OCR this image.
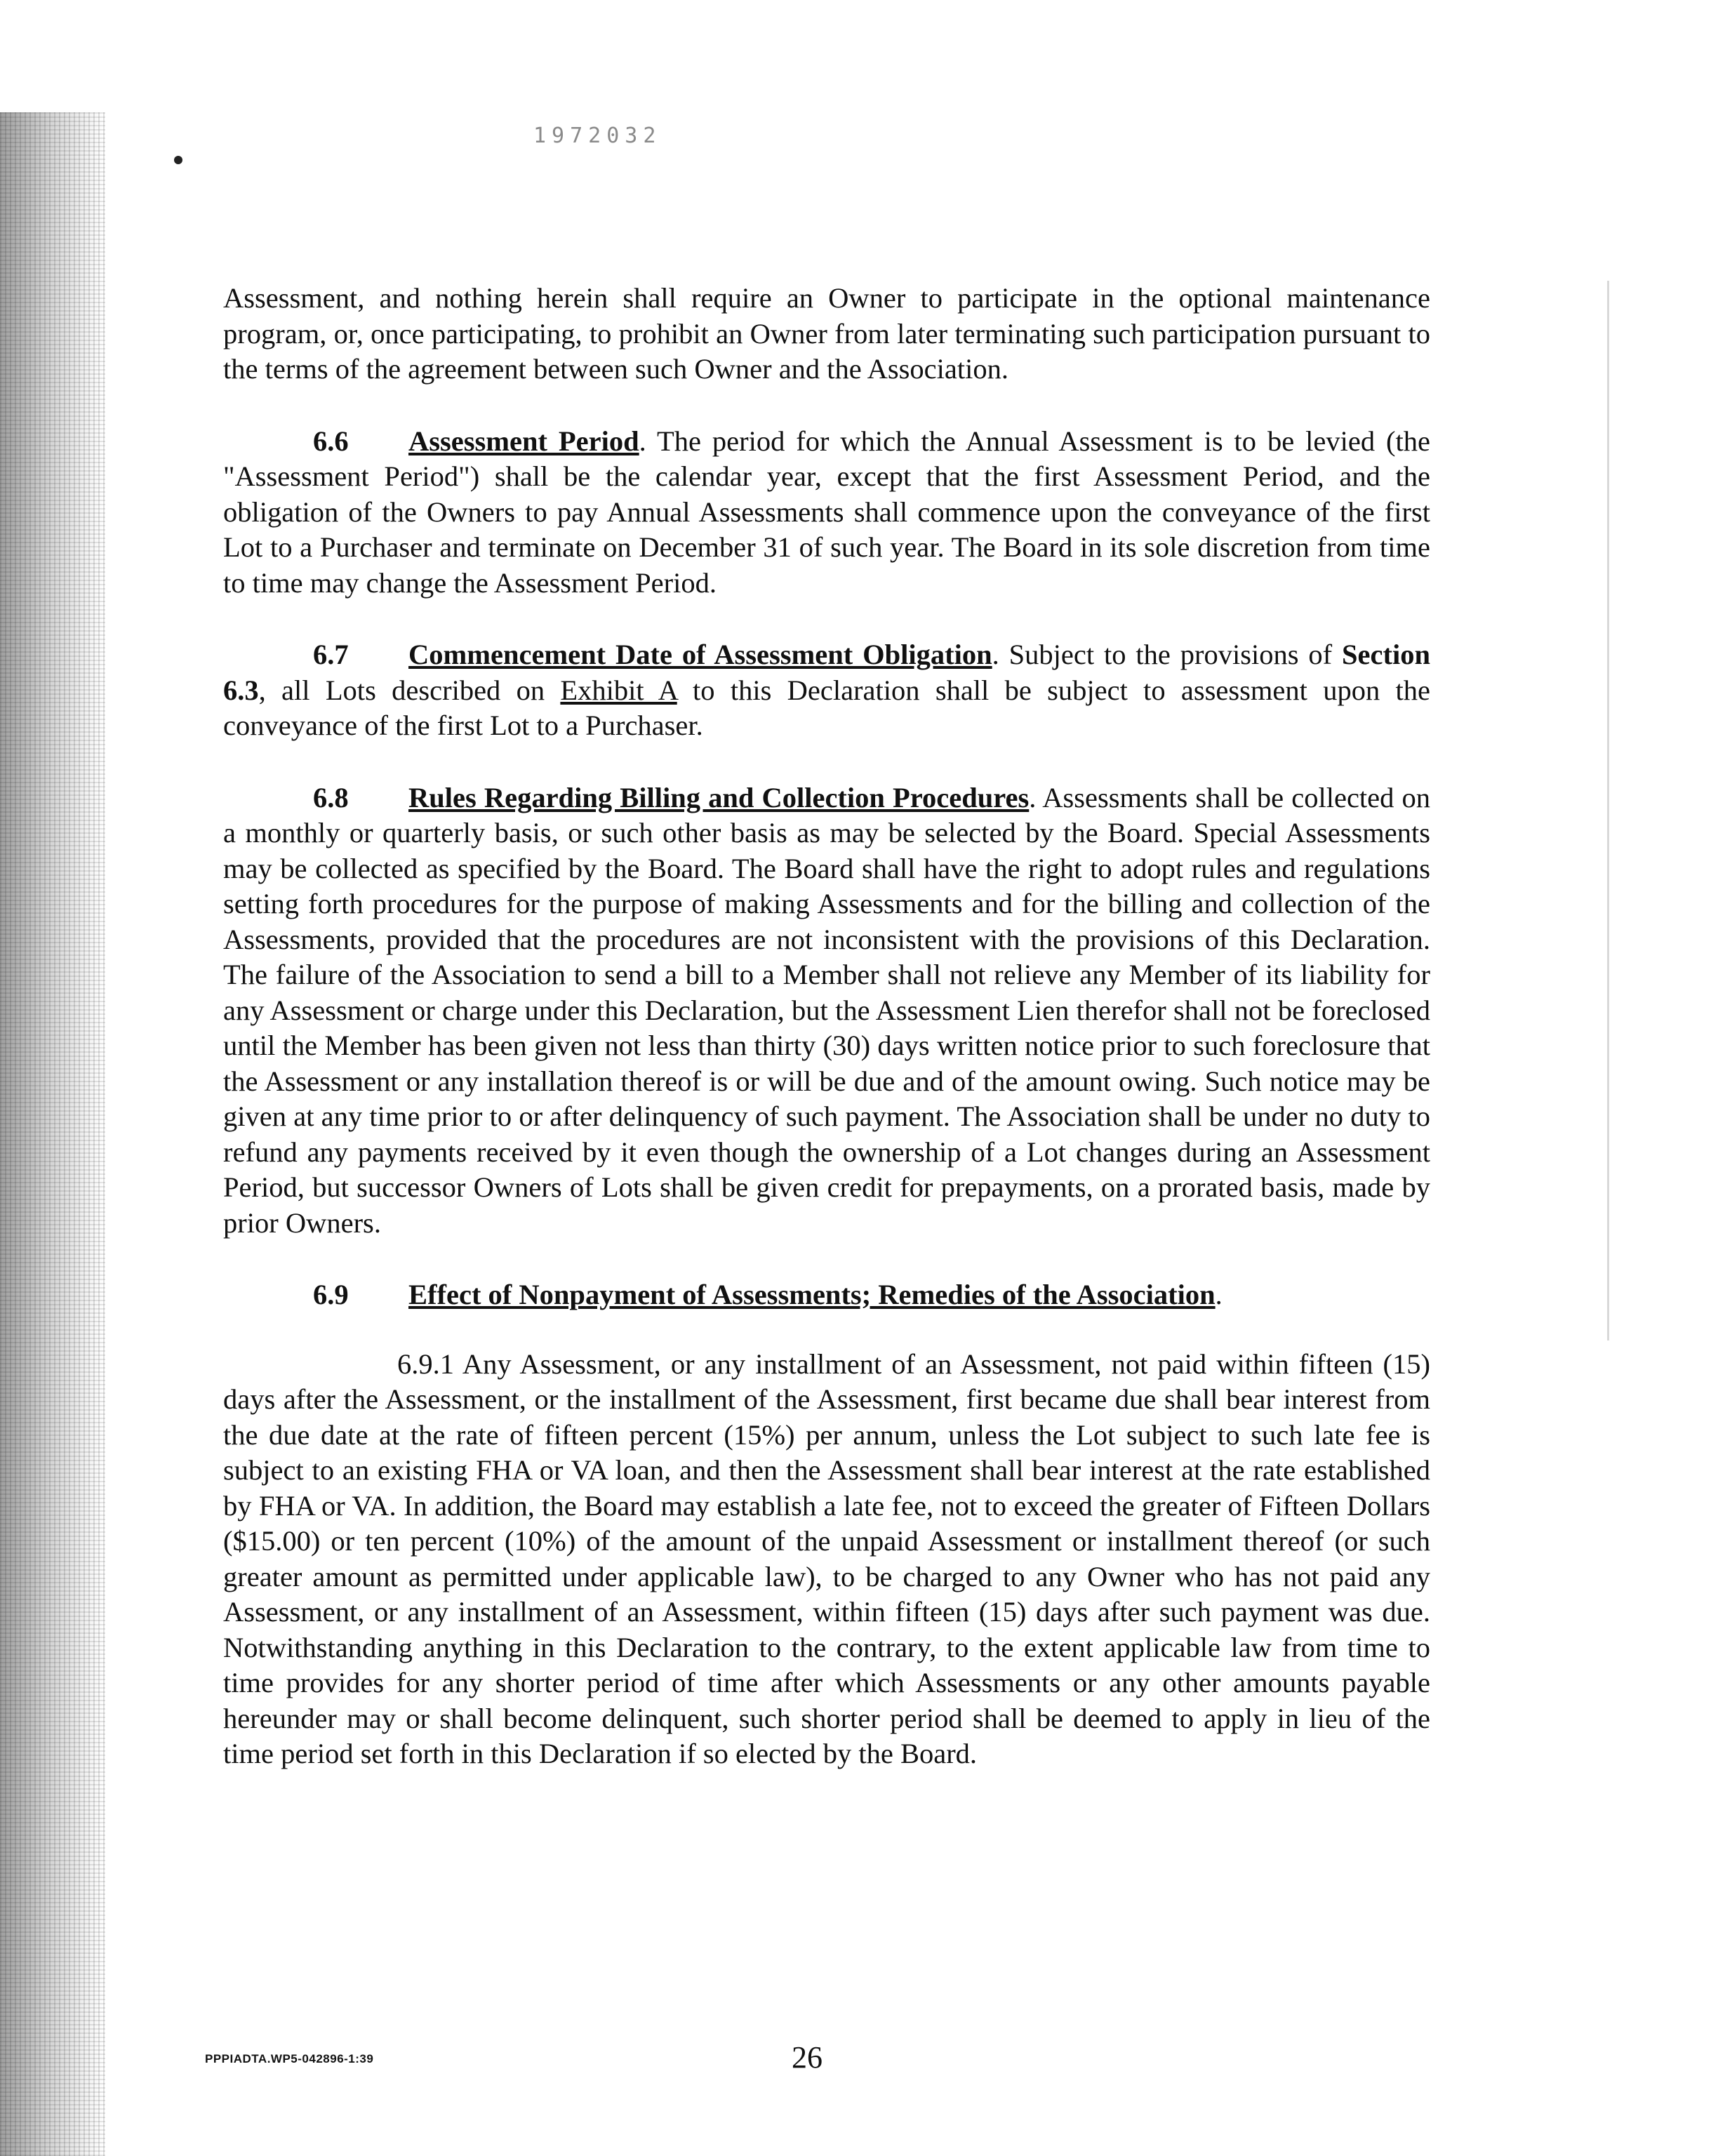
1972032

Assessment, and nothing herein shall require an Owner to participate in the optional maintenance program, or, once participating, to prohibit an Owner from later terminating such participation pursuant to the terms of the agreement between such Owner and the Association.

6.6 Assessment Period. The period for which the Annual Assessment is to be levied (the "Assessment Period") shall be the calendar year, except that the first Assessment Period, and the obligation of the Owners to pay Annual Assessments shall commence upon the conveyance of the first Lot to a Purchaser and terminate on December 31 of such year. The Board in its sole discretion from time to time may change the Assessment Period.

6.7 Commencement Date of Assessment Obligation. Subject to the provisions of Section 6.3, all Lots described on Exhibit A to this Declaration shall be subject to assessment upon the conveyance of the first Lot to a Purchaser.

6.8 Rules Regarding Billing and Collection Procedures. Assessments shall be collected on a monthly or quarterly basis, or such other basis as may be selected by the Board. Special Assessments may be collected as specified by the Board. The Board shall have the right to adopt rules and regulations setting forth procedures for the purpose of making Assessments and for the billing and collection of the Assessments, provided that the procedures are not inconsistent with the provisions of this Declaration. The failure of the Association to send a bill to a Member shall not relieve any Member of its liability for any Assessment or charge under this Declaration, but the Assessment Lien therefor shall not be foreclosed until the Member has been given not less than thirty (30) days written notice prior to such foreclosure that the Assessment or any installation thereof is or will be due and of the amount owing. Such notice may be given at any time prior to or after delinquency of such payment. The Association shall be under no duty to refund any payments received by it even though the ownership of a Lot changes during an Assessment Period, but successor Owners of Lots shall be given credit for prepayments, on a prorated basis, made by prior Owners.

6.9 Effect of Nonpayment of Assessments; Remedies of the Association.

6.9.1 Any Assessment, or any installment of an Assessment, not paid within fifteen (15) days after the Assessment, or the installment of the Assessment, first became due shall bear interest from the due date at the rate of fifteen percent (15%) per annum, unless the Lot subject to such late fee is subject to an existing FHA or VA loan, and then the Assessment shall bear interest at the rate established by FHA or VA. In addition, the Board may establish a late fee, not to exceed the greater of Fifteen Dollars ($15.00) or ten percent (10%) of the amount of the unpaid Assessment or installment thereof (or such greater amount as permitted under applicable law), to be charged to any Owner who has not paid any Assessment, or any installment of an Assessment, within fifteen (15) days after such payment was due. Notwithstanding anything in this Declaration to the contrary, to the extent applicable law from time to time provides for any shorter period of time after which Assessments or any other amounts payable hereunder may or shall become delinquent, such shorter period shall be deemed to apply in lieu of the time period set forth in this Declaration if so elected by the Board.

PPPIADTA.WP5-042896-1:39	26
